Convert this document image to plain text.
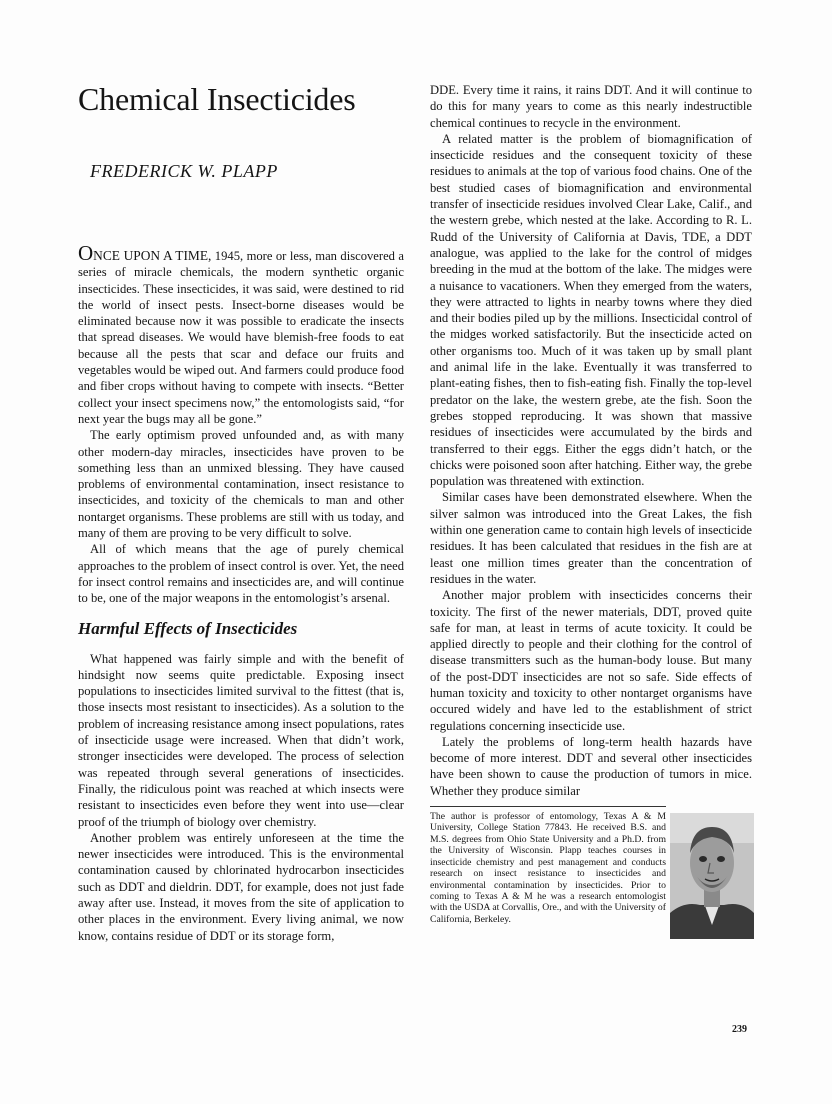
Chemical Insecticides
FREDERICK W. PLAPP

ONCE UPON A TIME, 1945, more or less, man discovered a series of miracle chemicals, the modern synthetic organic insecticides. These insecticides, it was said, were destined to rid the world of insect pests. Insect-borne diseases would be eliminated because now it was possible to eradicate the insects that spread diseases. We would have blemish-free foods to eat because all the pests that scar and deface our fruits and vegetables would be wiped out. And farmers could produce food and fiber crops without having to compete with insects. “Better collect your insect specimens now,” the entomologists said, “for next year the bugs may all be gone.”

The early optimism proved unfounded and, as with many other modern-day miracles, insecticides have proven to be something less than an unmixed blessing. They have caused problems of environmental contamination, insect resistance to insecticides, and toxicity of the chemicals to man and other nontarget organisms. These problems are still with us today, and many of them are proving to be very difficult to solve.

All of which means that the age of purely chemical approaches to the problem of insect control is over. Yet, the need for insect control remains and insecticides are, and will continue to be, one of the major weapons in the entomologist’s arsenal.

Harmful Effects of Insecticides

What happened was fairly simple and with the benefit of hindsight now seems quite predictable. Exposing insect populations to insecticides limited survival to the fittest (that is, those insects most resistant to insecticides). As a solution to the problem of increasing resistance among insect populations, rates of insecticide usage were increased. When that didn’t work, stronger insecticides were developed. The process of selection was repeated through several generations of insecticides. Finally, the ridiculous point was reached at which insects were resistant to insecticides even before they went into use—clear proof of the triumph of biology over chemistry.

Another problem was entirely unforeseen at the time the newer insecticides were introduced. This is the environmental contamination caused by chlorinated hydrocarbon insecticides such as DDT and dieldrin. DDT, for example, does not just fade away after use. Instead, it moves from the site of application to other places in the environment. Every living animal, we now know, contains residue of DDT or its storage form,

DDE. Every time it rains, it rains DDT. And it will continue to do this for many years to come as this nearly indestructible chemical continues to recycle in the environment.

A related matter is the problem of biomagnification of insecticide residues and the consequent toxicity of these residues to animals at the top of various food chains. One of the best studied cases of biomagnification and environmental transfer of insecticide residues involved Clear Lake, Calif., and the western grebe, which nested at the lake. According to R. L. Rudd of the University of California at Davis, TDE, a DDT analogue, was applied to the lake for the control of midges breeding in the mud at the bottom of the lake. The midges were a nuisance to vacationers. When they emerged from the waters, they were attracted to lights in nearby towns where they died and their bodies piled up by the millions. Insecticidal control of the midges worked satisfactorily. But the insecticide acted on other organisms too. Much of it was taken up by small plant and animal life in the lake. Eventually it was transferred to plant-eating fishes, then to fish-eating fish. Finally the top-level predator on the lake, the western grebe, ate the fish. Soon the grebes stopped reproducing. It was shown that massive residues of insecticides were accumulated by the birds and transferred to their eggs. Either the eggs didn’t hatch, or the chicks were poisoned soon after hatching. Either way, the grebe population was threatened with extinction.

Similar cases have been demonstrated elsewhere. When the silver salmon was introduced into the Great Lakes, the fish within one generation came to contain high levels of insecticide residues. It has been calculated that residues in the fish are at least one million times greater than the concentration of residues in the water.

Another major problem with insecticides concerns their toxicity. The first of the newer materials, DDT, proved quite safe for man, at least in terms of acute toxicity. It could be applied directly to people and their clothing for the control of disease transmitters such as the human-body louse. But many of the post-DDT insecticides are not so safe. Side effects of human toxicity and toxicity to other nontarget organisms have occured widely and have led to the establishment of strict regulations concerning insecticide use.

Lately the problems of long-term health hazards have become of more interest. DDT and several other insecticides have been shown to cause the production of tumors in mice. Whether they produce similar

The author is professor of entomology, Texas A & M University, College Station 77843. He received B.S. and M.S. degrees from Ohio State University and a Ph.D. from the University of Wisconsin. Plapp teaches courses in insecticide chemistry and pest management and conducts research on insect resistance to insecticides and environmental contamination by insecticides. Prior to coming to Texas A & M he was a research entomologist with the USDA at Corvallis, Ore., and with the University of California, Berkeley.

239
